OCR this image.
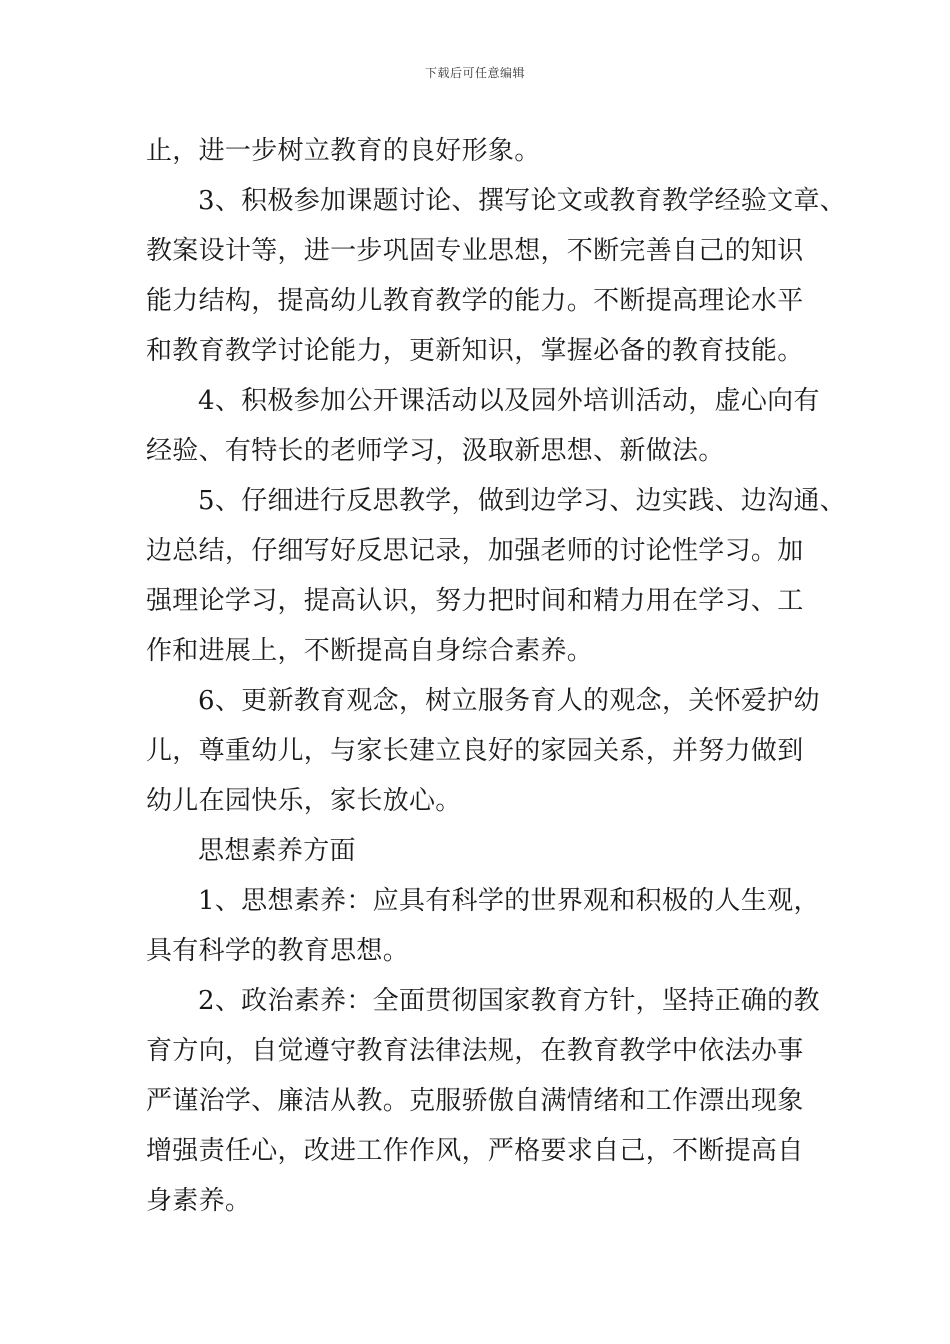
下载后可任意编辑
止，进一步树立教育的良好形象。
3、积极参加课题讨论、撰写论文或教育教学经验文章、
教案设计等，进一步巩固专业思想，不断完善自己的知识
能力结构，提高幼儿教育教学的能力。不断提高理论水平
和教育教学讨论能力，更新知识，掌握必备的教育技能。
4、积极参加公开课活动以及园外培训活动，虚心向有
经验、有特长的老师学习，汲取新思想、新做法。
5、仔细进行反思教学，做到边学习、边实践、边沟通、
边总结，仔细写好反思记录，加强老师的讨论性学习。加
强理论学习，提高认识，努力把时间和精力用在学习、工
作和进展上，不断提高自身综合素养。
6、更新教育观念，树立服务育人的观念，关怀爱护幼
儿，尊重幼儿，与家长建立良好的家园关系，并努力做到
幼儿在园快乐，家长放心。
思想素养方面
1、思想素养：应具有科学的世界观和积极的人生观，
具有科学的教育思想。
2、政治素养：全面贯彻国家教育方针，坚持正确的教
育方向，自觉遵守教育法律法规，在教育教学中依法办事
严谨治学、廉洁从教。克服骄傲自满情绪和工作漂出现象
增强责任心，改进工作作风，严格要求自己，不断提高自
身素养。
